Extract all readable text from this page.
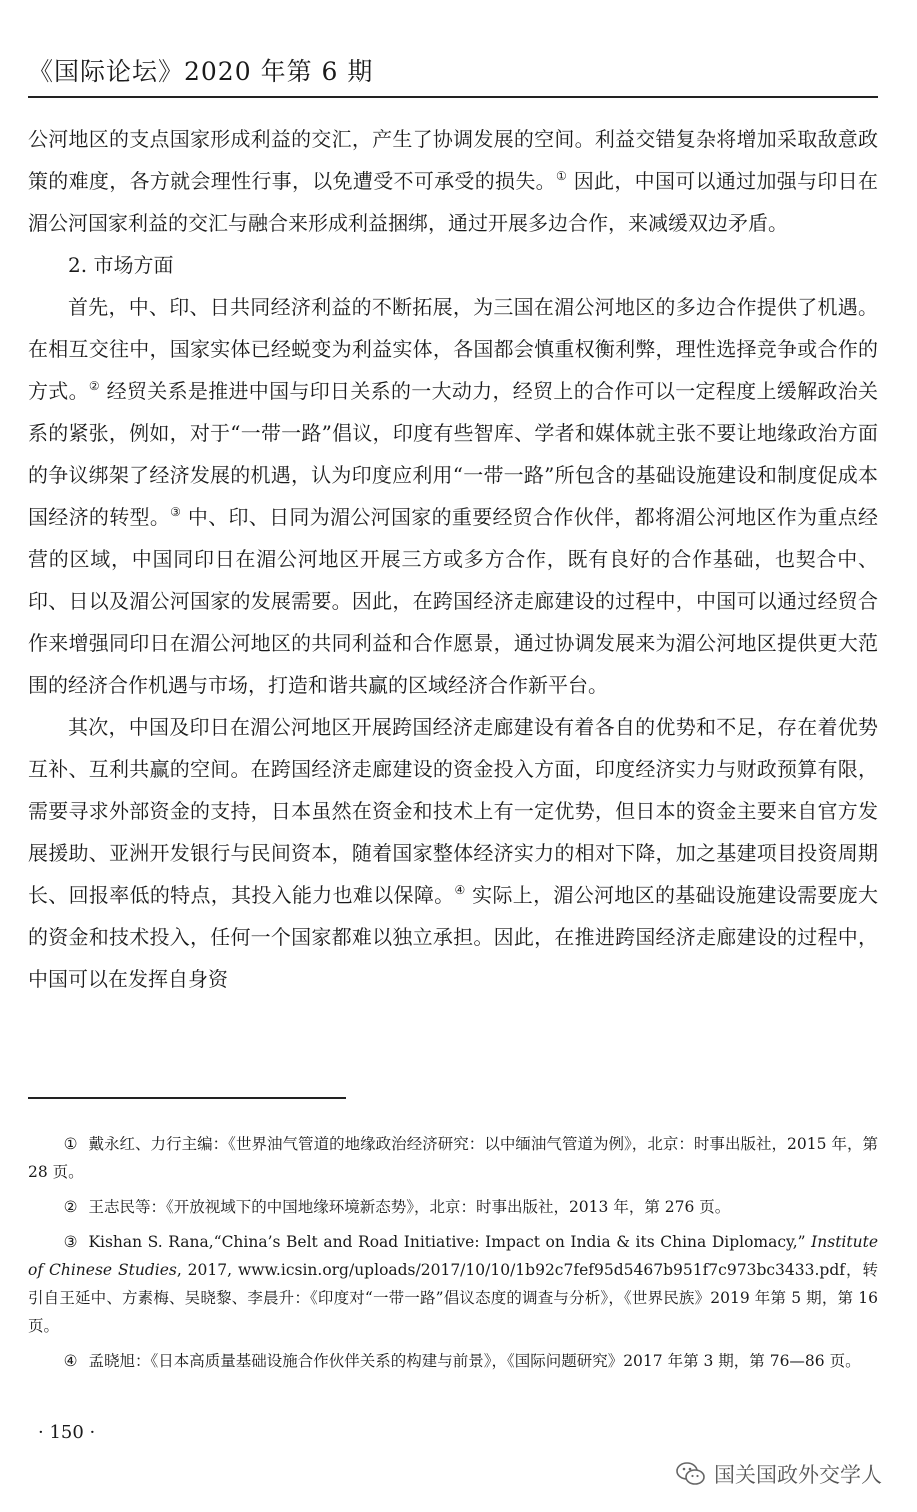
《国际论坛》2020 年第 6 期

公河地区的支点国家形成利益的交汇，产生了协调发展的空间。利益交错复杂将增加采取敌意政策的难度，各方就会理性行事，以免遭受不可承受的损失。① 因此，中国可以通过加强与印日在湄公河国家利益的交汇与融合来形成利益捆绑，通过开展多边合作，来减缓双边矛盾。

2. 市场方面

首先，中、印、日共同经济利益的不断拓展，为三国在湄公河地区的多边合作提供了机遇。在相互交往中，国家实体已经蜕变为利益实体，各国都会慎重权衡利弊，理性选择竞争或合作的方式。② 经贸关系是推进中国与印日关系的一大动力，经贸上的合作可以一定程度上缓解政治关系的紧张，例如，对于“一带一路”倡议，印度有些智库、学者和媒体就主张不要让地缘政治方面的争议绑架了经济发展的机遇，认为印度应利用“一带一路”所包含的基础设施建设和制度促成本国经济的转型。③ 中、印、日同为湄公河国家的重要经贸合作伙伴，都将湄公河地区作为重点经营的区域，中国同印日在湄公河地区开展三方或多方合作，既有良好的合作基础，也契合中、印、日以及湄公河国家的发展需要。因此，在跨国经济走廊建设的过程中，中国可以通过经贸合作来增强同印日在湄公河地区的共同利益和合作愿景，通过协调发展来为湄公河地区提供更大范围的经济合作机遇与市场，打造和谐共赢的区域经济合作新平台。

其次，中国及印日在湄公河地区开展跨国经济走廊建设有着各自的优势和不足，存在着优势互补、互利共赢的空间。在跨国经济走廊建设的资金投入方面，印度经济实力与财政预算有限，需要寻求外部资金的支持，日本虽然在资金和技术上有一定优势，但日本的资金主要来自官方发展援助、亚洲开发银行与民间资本，随着国家整体经济实力的相对下降，加之基建项目投资周期长、回报率低的特点，其投入能力也难以保障。④ 实际上，湄公河地区的基础设施建设需要庞大的资金和技术投入，任何一个国家都难以独立承担。因此，在推进跨国经济走廊建设的过程中，中国可以在发挥自身资

① 戴永红、力行主编：《世界油气管道的地缘政治经济研究：以中缅油气管道为例》，北京：时事出版社，2015 年，第 28 页。

② 王志民等：《开放视域下的中国地缘环境新态势》，北京：时事出版社，2013 年，第 276 页。

③ Kishan S. Rana,“China’s Belt and Road Initiative: Impact on India & its China Diplomacy,” Institute of Chinese Studies, 2017, www.icsin.org/uploads/2017/10/10/1b92c7fef95d5467b951f7c973bc3433.pdf，转引自王延中、方素梅、吴晓黎、李晨升：《印度对“一带一路”倡议态度的调查与分析》，《世界民族》2019 年第 5 期，第 16 页。

④ 孟晓旭：《日本高质量基础设施合作伙伴关系的构建与前景》，《国际问题研究》2017 年第 3 期，第 76—86 页。

· 150 ·
国关国政外交学人
